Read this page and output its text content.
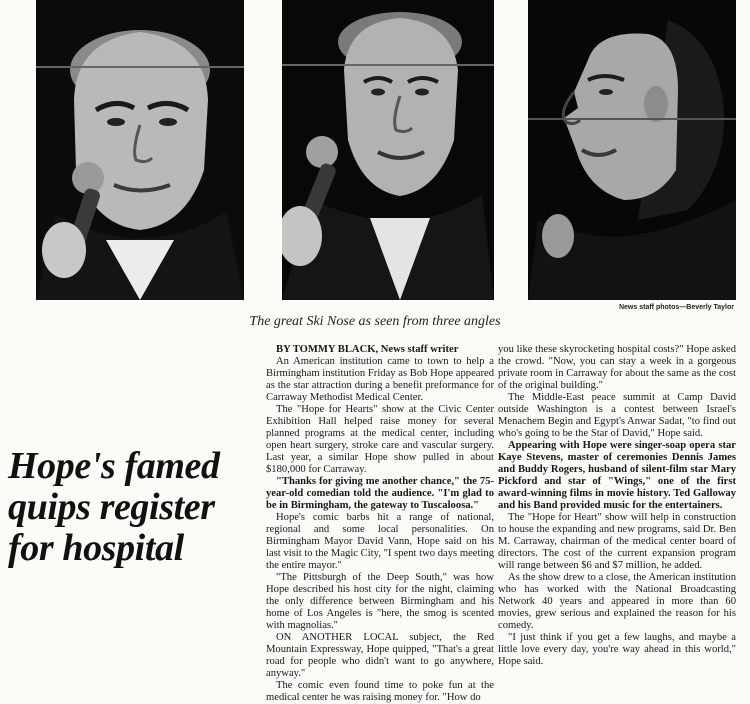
News staff photos—Beverly Taylor
The great Ski Nose as seen from three angles
Hope's famed
quips register
for hospital

BY TOMMY BLACK, News staff writer

An American institution came to town to help a Birmingham institution Friday as Bob Hope appeared as the star attraction during a benefit preformance for Carraway Methodist Medical Center.

The "Hope for Hearts" show at the Civic Center Exhibition Hall helped raise money for several planned programs at the medical center, including open heart surgery, stroke care and vascular surgery. Last year, a similar Hope show pulled in about $180,000 for Carraway.

"Thanks for giving me another chance," the 75-year-old comedian told the audience. "I'm glad to be in Birmingham, the gateway to Tuscaloosa."

Hope's comic barbs hit a range of national, regional and some local personalities. On Birmingham Mayor David Vann, Hope said on his last visit to the Magic City, "I spent two days meeting the entire mayor."

"The Pittsburgh of the Deep South," was how Hope described his host city for the night, claiming the only difference between Birmingham and his home of Los Angeles is "here, the smog is scented with magnolias."

ON ANOTHER LOCAL subject, the Red Mountain Expressway, Hope quipped, "That's a great road for people who didn't want to go anywhere, anyway."

The comic even found time to poke fun at the medical center he was raising money for. "How do

you like these skyrocketing hospital costs?" Hope asked the crowd. "Now, you can stay a week in a gorgeous private room in Carraway for about the same as the cost of the original building."

The Middle-East peace summit at Camp David outside Washington is a contest between Israel's Menachem Begin and Egypt's Anwar Sadat, "to find out who's going to be the Star of David," Hope said.

Appearing with Hope were singer-soap opera star Kaye Stevens, master of ceremonies Dennis James and Buddy Rogers, husband of silent-film star Mary Pickford and star of "Wings," one of the first award-winning films in movie history. Ted Galloway and his Band provided music for the entertainers.

The "Hope for Heart" show will help in construction to house the expanding and new programs, said Dr. Ben M. Carraway, chairman of the medical center board of directors. The cost of the current expansion program will range between $6 and $7 million, he added.

As the show drew to a close, the American institution who has worked with the National Broadcasting Network 40 years and appeared in more than 60 movies, grew serious and explained the reason for his comedy.

"I just think if you get a few laughs, and maybe a little love every day, you're way ahead in this world," Hope said.
